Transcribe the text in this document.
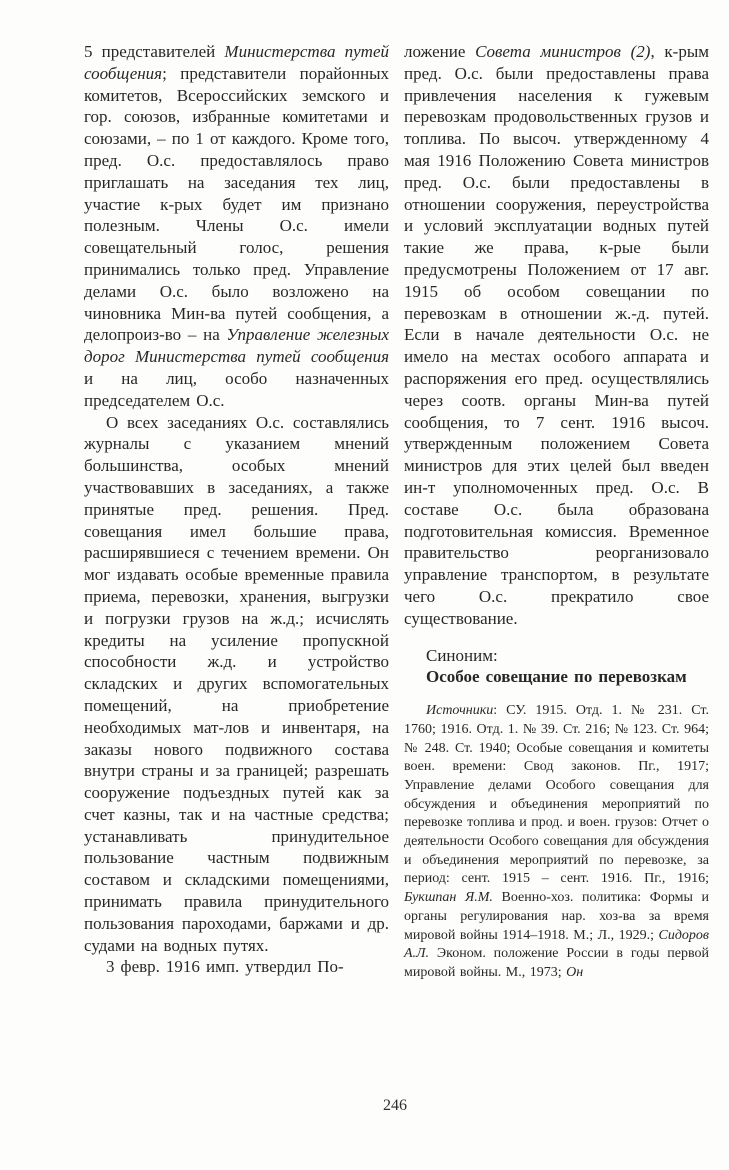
5 представителей Министерства путей сообщения; представители порайонных комитетов, Всероссийских земского и гор. союзов, избранные комитетами и союзами, – по 1 от каждого. Кроме того, пред. О.с. предоставлялось право приглашать на заседания тех лиц, участие к-рых будет им признано полезным. Члены О.с. имели совещательный голос, решения принимались только пред. Управление делами О.с. было возложено на чиновника Мин-ва путей сообщения, а делопроиз-во – на Управление железных дорог Министерства путей сообщения и на лиц, особо назначенных председателем О.с.
О всех заседаниях О.с. составлялись журналы с указанием мнений большинства, особых мнений участвовавших в заседаниях, а также принятые пред. решения. Пред. совещания имел большие права, расширявшиеся с течением времени. Он мог издавать особые временные правила приема, перевозки, хранения, выгрузки и погрузки грузов на ж.д.; исчислять кредиты на усиление пропускной способности ж.д. и устройство складских и других вспомогательных помещений, на приобретение необходимых мат-лов и инвентаря, на заказы нового подвижного состава внутри страны и за границей; разрешать сооружение подъездных путей как за счет казны, так и на частные средства; устанавливать принудительное пользование частным подвижным составом и складскими помещениями, принимать правила принудительного пользования пароходами, баржами и др. судами на водных путях.
3 февр. 1916 имп. утвердил По-
ложение Совета министров (2), к-рым пред. О.с. были предоставлены права привлечения населения к гужевым перевозкам продовольственных грузов и топлива. По высоч. утвержденному 4 мая 1916 Положению Совета министров пред. О.с. были предоставлены в отношении сооружения, переустройства и условий эксплуатации водных путей такие же права, к-рые были предусмотрены Положением от 17 авг. 1915 об особом совещании по перевозкам в отношении ж.-д. путей. Если в начале деятельности О.с. не имело на местах особого аппарата и распоряжения его пред. осуществлялись через соотв. органы Мин-ва путей сообщения, то 7 сент. 1916 высоч. утвержденным положением Совета министров для этих целей был введен ин-т уполномоченных пред. О.с. В составе О.с. была образована подготовительная комиссия. Временное правительство реорганизовало управление транспортом, в результате чего О.с. прекратило свое существование.
Синоним:
Особое совещание по перевозкам
Источники: СУ. 1915. Отд. 1. № 231. Ст. 1760; 1916. Отд. 1. № 39. Ст. 216; № 123. Ст. 964; № 248. Ст. 1940; Особые совещания и комитеты воен. времени: Свод законов. Пг., 1917; Управление делами Особого совещания для обсуждения и объединения мероприятий по перевозке топлива и прод. и воен. грузов: Отчет о деятельности Особого совещания для обсуждения и объединения мероприятий по перевозке, за период: сент. 1915 – сент. 1916. Пг., 1916; Букшпан Я.М. Военно-хоз. политика: Формы и органы регулирования нар. хоз-ва за время мировой войны 1914–1918. М.; Л., 1929.; Сидоров А.Л. Эконом. положение России в годы первой мировой войны. М., 1973; Он
246
